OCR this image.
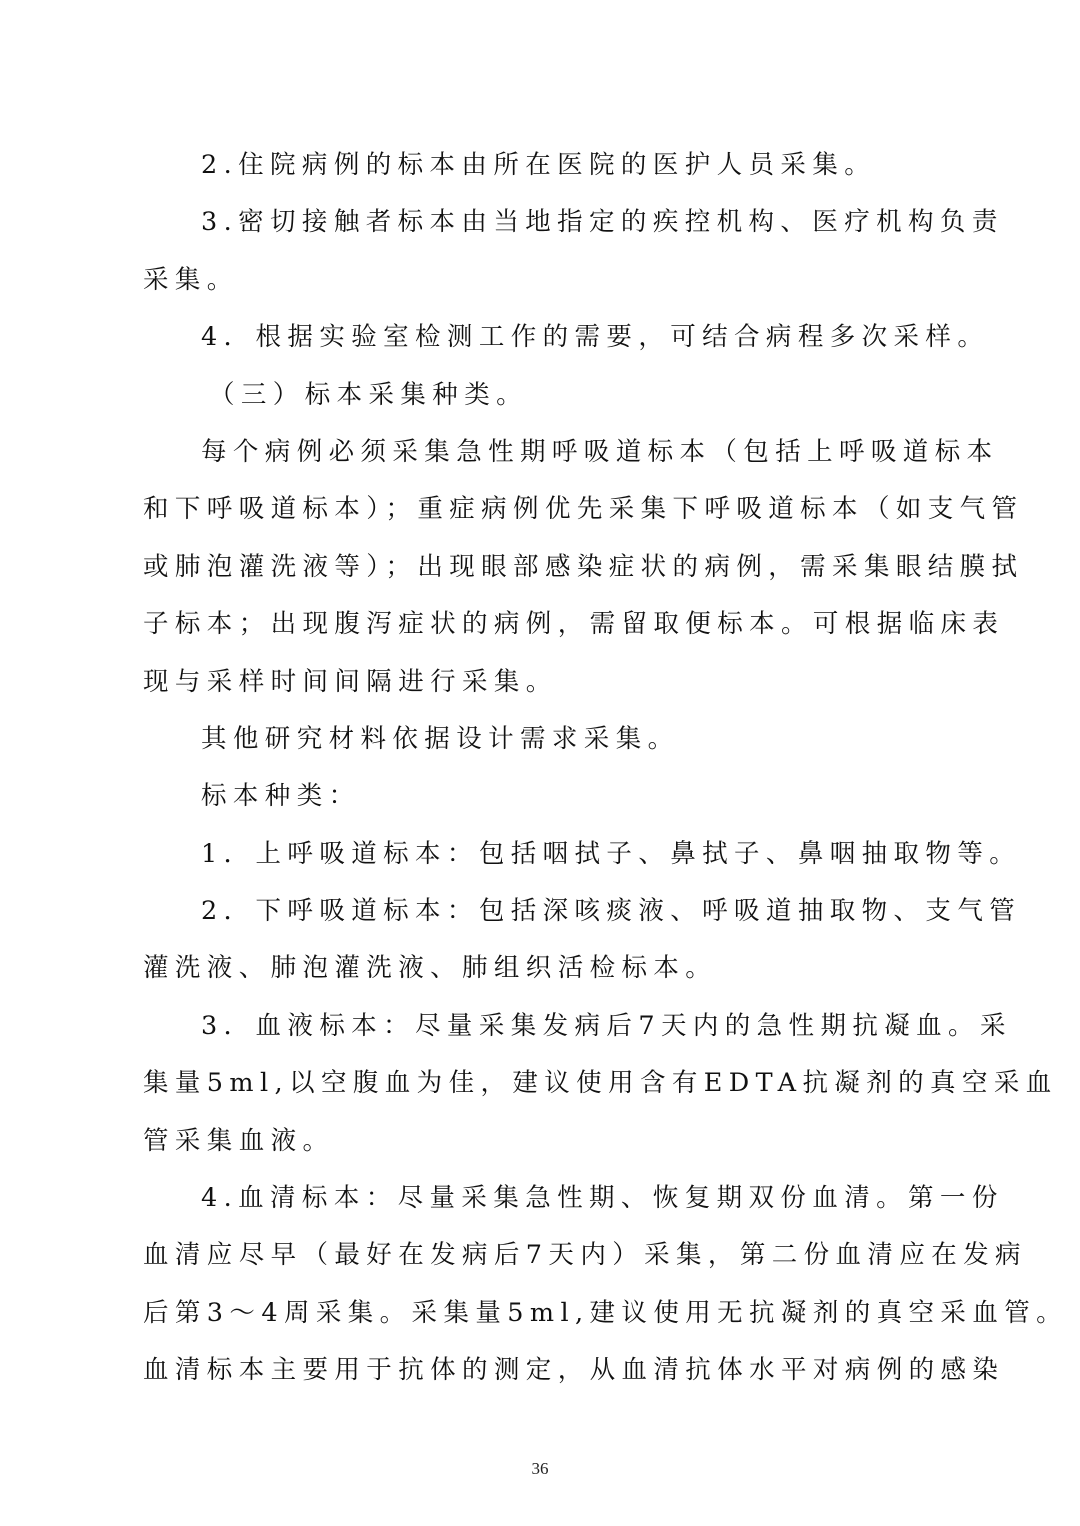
2.住院病例的标本由所在医院的医护人员采集。
3.密切接触者标本由当地指定的疾控机构、医疗机构负责
采集。
4．根据实验室检测工作的需要，可结合病程多次采样。
（三）标本采集种类。
每个病例必须采集急性期呼吸道标本（包括上呼吸道标本
和下呼吸道标本）；重症病例优先采集下呼吸道标本（如支气管
或肺泡灌洗液等）；出现眼部感染症状的病例，需采集眼结膜拭
子标本；出现腹泻症状的病例，需留取便标本。可根据临床表
现与采样时间间隔进行采集。
其他研究材料依据设计需求采集。
标本种类：
1．上呼吸道标本：包括咽拭子、鼻拭子、鼻咽抽取物等。
2．下呼吸道标本：包括深咳痰液、呼吸道抽取物、支气管
灌洗液、肺泡灌洗液、肺组织活检标本。
3．血液标本：尽量采集发病后7天内的急性期抗凝血。采
集量5ml,以空腹血为佳，建议使用含有EDTA抗凝剂的真空采血
管采集血液。
4.血清标本：尽量采集急性期、恢复期双份血清。第一份
血清应尽早（最好在发病后7天内）采集，第二份血清应在发病
后第3～4周采集。采集量5ml,建议使用无抗凝剂的真空采血管。
血清标本主要用于抗体的测定，从血清抗体水平对病例的感染
36
